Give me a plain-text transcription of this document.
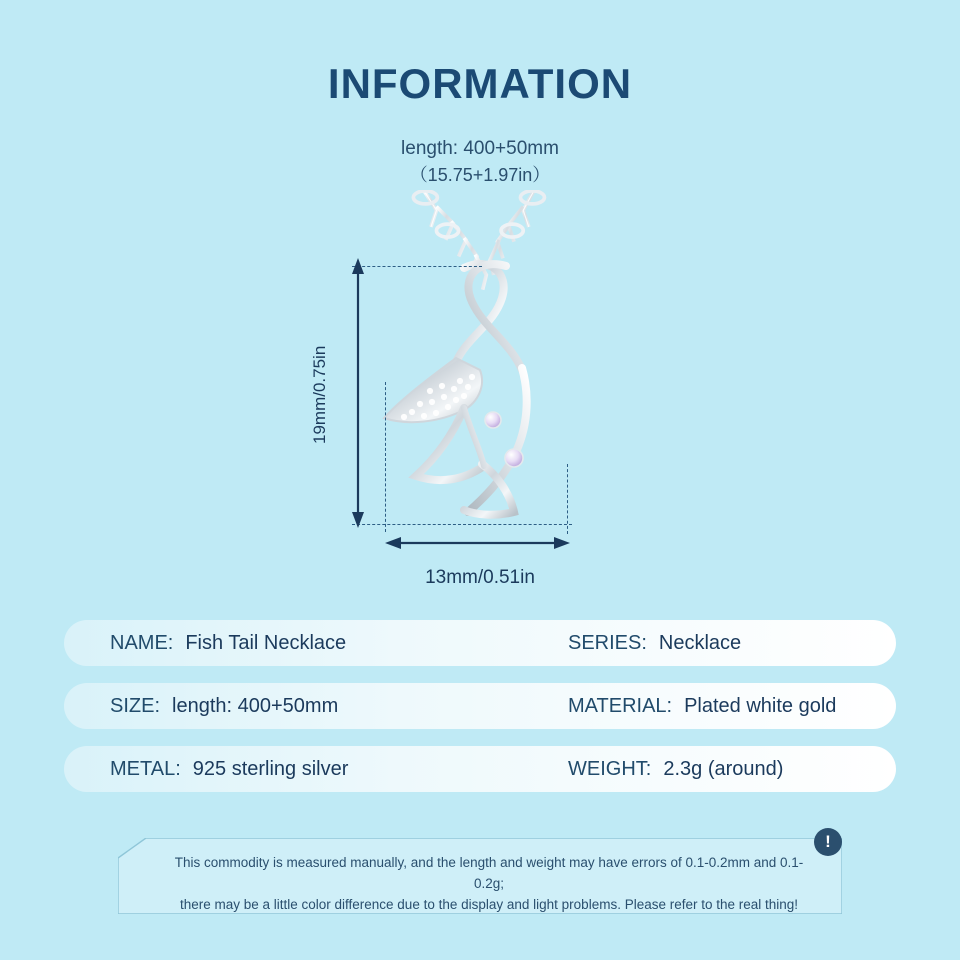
INFORMATION
length: 400+50mm
（15.75+1.97in）
19mm/0.75in
13mm/0.51in
NAME: Fish Tail Necklace	SERIES: Necklace
SIZE: length: 400+50mm	MATERIAL: Plated white gold
METAL: 925 sterling silver	WEIGHT: 2.3g (around)
This commodity is measured manually, and the length and weight may have errors of 0.1-0.2mm and 0.1-0.2g;
there may be a little color difference due to the display and light problems. Please refer to the real thing!
!
